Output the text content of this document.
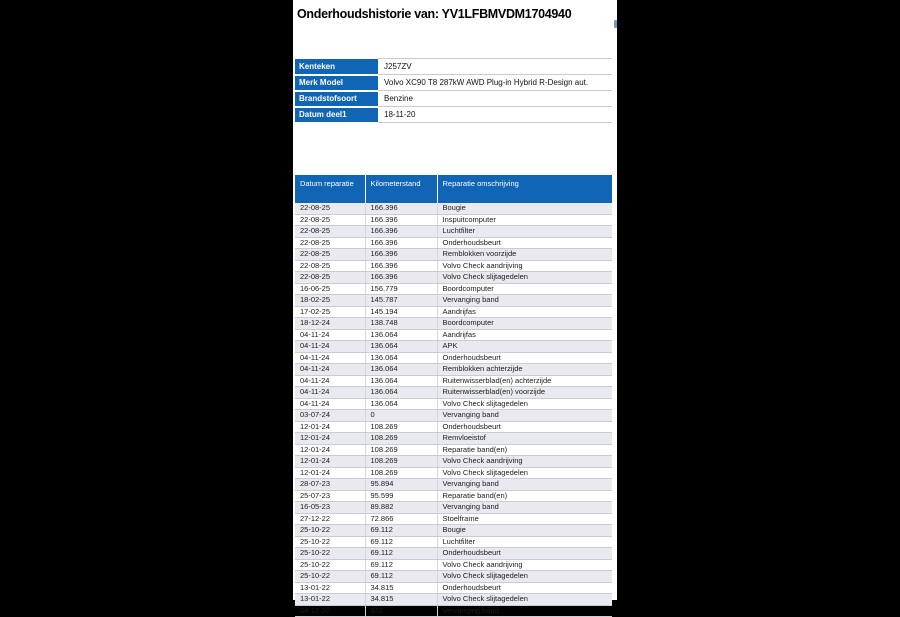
Onderhoudshistorie van: YV1LFBMVDM1704940
Kenteken	J257ZV
Merk Model	Volvo XC90 T8 287kW AWD Plug-in Hybrid R-Design aut.
Brandstofsoort	Benzine
Datum deel1	18-11-20
Datum reparatie	Kilometerstand	Reparatie omschrijving
22-08-25	166.396	Bougie
22-08-25	166.396	Inspuitcomputer
22-08-25	166.396	Luchtfilter
22-08-25	166.396	Onderhoudsbeurt
22-08-25	166.396	Remblokken voorzijde
22-08-25	166.396	Volvo Check aandrijving
22-08-25	166.396	Volvo Check slijtagedelen
16-06-25	156.779	Boordcomputer
18-02-25	145.787	Vervanging band
17-02-25	145.194	Aandrijfas
18-12-24	138.748	Boordcomputer
04-11-24	136.064	Aandrijfas
04-11-24	136.064	APK
04-11-24	136.064	Onderhoudsbeurt
04-11-24	136.064	Remblokken achterzijde
04-11-24	136.064	Ruitenwisserblad(en) achterzijde
04-11-24	136.064	Ruitenwisserblad(en) voorzijde
04-11-24	136.064	Volvo Check slijtagedelen
03-07-24	0	Vervanging band
12-01-24	108.269	Onderhoudsbeurt
12-01-24	108.269	Remvloeistof
12-01-24	108.269	Reparatie band(en)
12-01-24	108.269	Volvo Check aandrijving
12-01-24	108.269	Volvo Check slijtagedelen
28-07-23	95.894	Vervanging band
25-07-23	95.599	Reparatie band(en)
16-05-23	89.882	Vervanging band
27-12-22	72.866	Stoelframe
25-10-22	69.112	Bougie
25-10-22	69.112	Luchtfilter
25-10-22	69.112	Onderhoudsbeurt
25-10-22	69.112	Volvo Check aandrijving
25-10-22	69.112	Volvo Check slijtagedelen
13-01-22	34.815	Onderhoudsbeurt
13-01-22	34.815	Volvo Check slijtagedelen
04-12-20	932	Vervanging band
